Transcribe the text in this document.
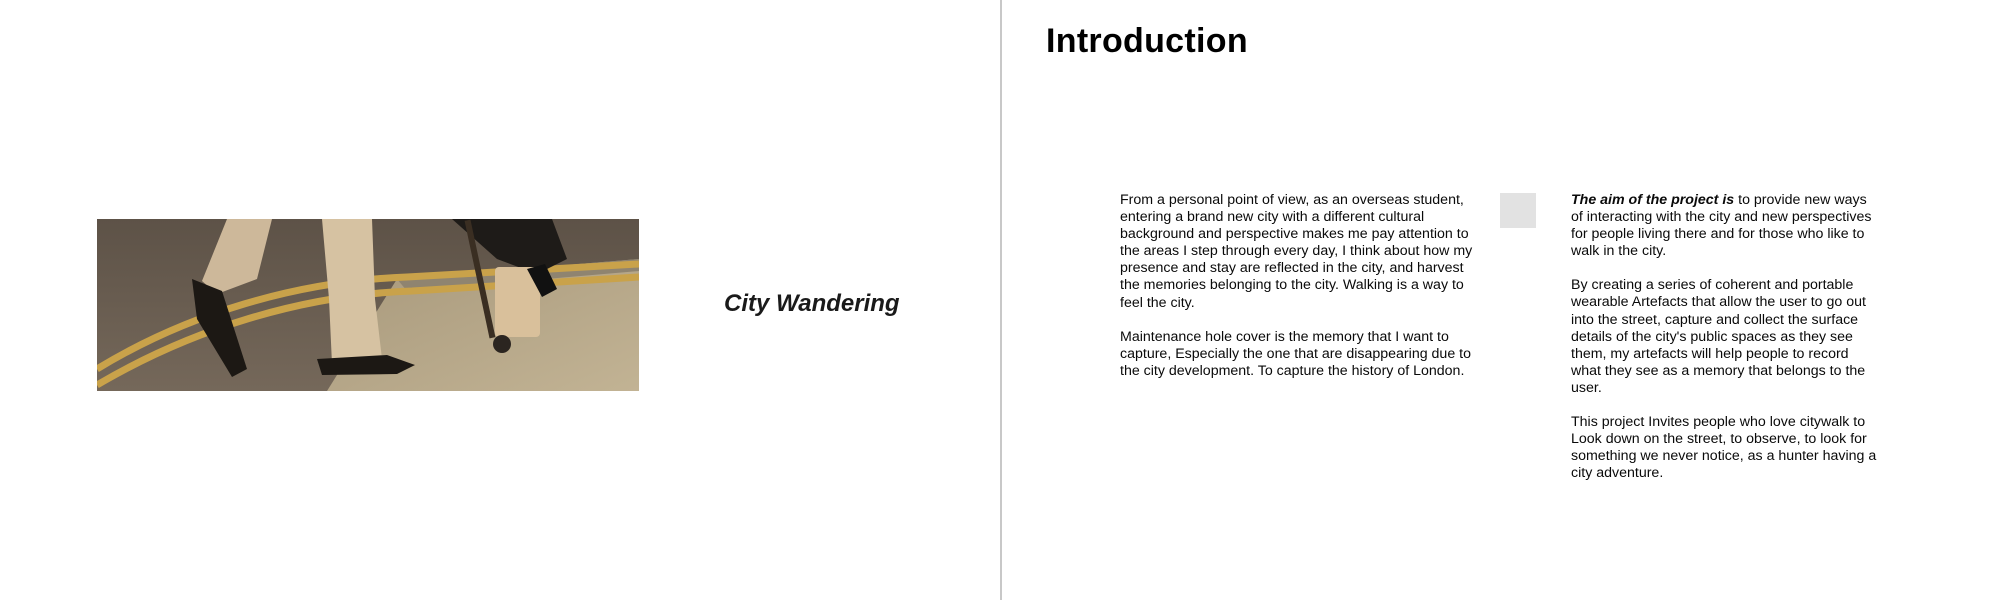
City Wandering
Introduction

From a personal point of view, as an overseas student, entering a brand new city with a different cultural background and perspective makes me pay attention to the areas I step through every day, I think about how my presence and stay are reflected in the city, and harvest the memories belonging to the city. Walking is a way to feel the city.

Maintenance hole cover is the memory that I want to capture, Especially the one that are disappearing due to the city development. To capture the history of London.

The aim of the project is to provide new ways of interacting with the city and new perspectives for people living there and for those who like to walk in the city.

By creating a series of coherent and portable wearable Artefacts that allow the user to go out into the street, capture and collect the surface details of the city's public spaces as they see them, my artefacts will help people to record what they see as a memory that belongs to the user.

This project Invites people who love citywalk to Look down on the street, to observe, to look for something we never notice, as a hunter having a city adventure.
